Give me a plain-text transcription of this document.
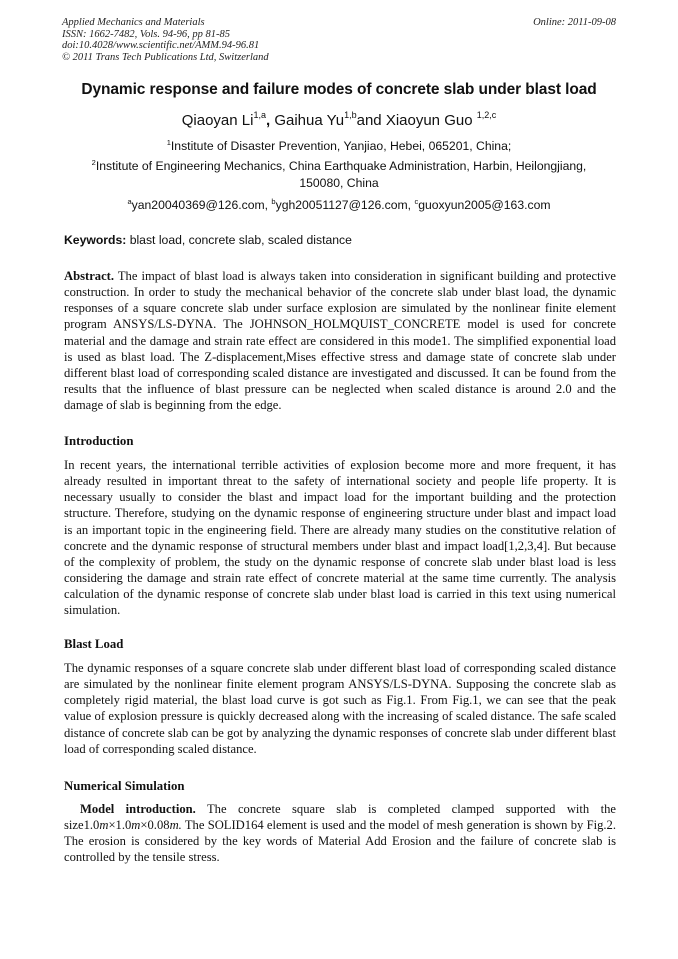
Applied Mechanics and Materials
ISSN: 1662-7482, Vols. 94-96, pp 81-85
doi:10.4028/www.scientific.net/AMM.94-96.81
© 2011 Trans Tech Publications Ltd, Switzerland
Online: 2011-09-08
Dynamic response and failure modes of concrete slab under blast load
Qiaoyan Li$^{1,a}$, Gaihua Yu$^{1,b}$and Xiaoyun Guo $^{1,2,c}$
$^1$Institute of Disaster Prevention, Yanjiao, Hebei, 065201, China;
$^2$Institute of Engineering Mechanics, China Earthquake Administration, Harbin, Heilongjiang, 150080, China
$^a$yan20040369@126.com, $^b$ygh20051127@126.com, $^c$guoxyun2005@163.com
Keywords: blast load, concrete slab, scaled distance
Abstract. The impact of blast load is always taken into consideration in significant building and protective construction. In order to study the mechanical behavior of the concrete slab under blast load, the dynamic responses of a square concrete slab under surface explosion are simulated by the nonlinear finite element program ANSYS/LS-DYNA. The JOHNSON_HOLMQUIST_CONCRETE model is used for concrete material and the damage and strain rate effect are considered in this mode1. The simplified exponential load is used as blast load. The Z-displacement,Mises effective stress and damage state of concrete slab under different blast load of corresponding scaled distance are investigated and discussed. It can be found from the results that the influence of blast pressure can be neglected when scaled distance is around 2.0 and the damage of slab is beginning from the edge.
Introduction
In recent years, the international terrible activities of explosion become more and more frequent, it has already resulted in important threat to the safety of international society and people life property. It is necessary usually to consider the blast and impact load for the important building and the protection structure. Therefore, studying on the dynamic response of engineering structure under blast and impact load is an important topic in the engineering field. There are already many studies on the constitutive relation of concrete and the dynamic response of structural members under blast and impact load[1,2,3,4]. But because of the complexity of problem, the study on the dynamic response of concrete slab under blast load is less considering the damage and strain rate effect of concrete material at the same time currently. The analysis calculation of the dynamic response of concrete slab under blast load is carried in this text using numerical simulation.
Blast Load
The dynamic responses of a square concrete slab under different blast load of corresponding scaled distance are simulated by the nonlinear finite element program ANSYS/LS-DYNA. Supposing the concrete slab as completely rigid material, the blast load curve is got such as Fig.1. From Fig.1, we can see that the peak value of explosion pressure is quickly decreased along with the increasing of scaled distance. The safe scaled distance of concrete slab can be got by analyzing the dynamic responses of concrete slab under different blast load of corresponding scaled distance.
Numerical Simulation
Model introduction. The concrete square slab is completed clamped supported with the size1.0m×1.0m×0.08m. The SOLID164 element is used and the model of mesh generation is shown by Fig.2. The erosion is considered by the key words of Material Add Erosion and the failure of concrete slab is controlled by the tensile stress.
